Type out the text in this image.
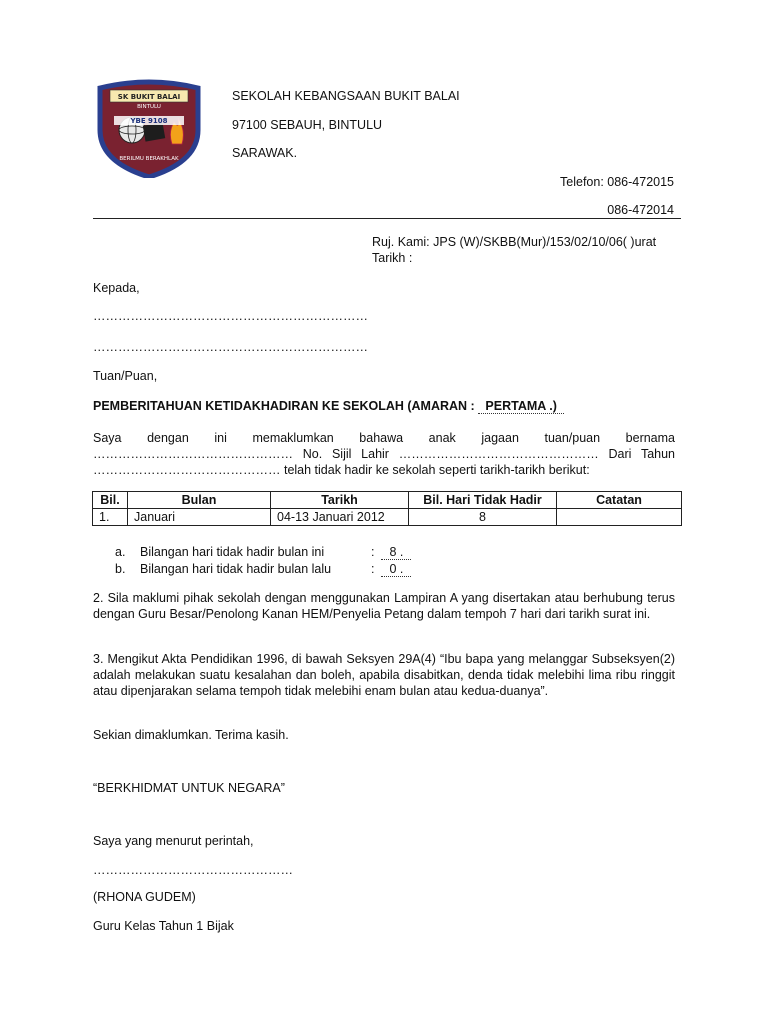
SK BUKIT BALAI
BINTULU
YBE 9108
BERILMU BERAKHLAK
SEKOLAH KEBANGSAAN BUKIT BALAI
97100 SEBAUH, BINTULU
SARAWAK.
Telefon: 086-472015
086-472014
Ruj. Kami: JPS (W)/SKBB(Mur)/153/02/10/06( )urat
Tarikh :
Kepada,
…………………………………………………………
…………………………………………………………
Tuan/Puan,
PEMBERITAHUAN KETIDAKHADIRAN KE SEKOLAH (AMARAN : PERTAMA .)
Saya dengan ini memaklumkan bahawa anak jagaan tuan/puan bernama ………………………………………… No. Sijil Lahir ………………………………………… Dari Tahun ……………………………………… telah tidak hadir ke sekolah seperti tarikh-tarikh berikut:
Bil.	Bulan	Tarikh	Bil. Hari Tidak Hadir	Catatan
1.	Januari	04-13 Januari 2012	8	
a. Bilangan hari tidak hadir bulan ini	: 8 .
b. Bilangan hari tidak hadir bulan lalu	: 0 .
2. Sila maklumi pihak sekolah dengan menggunakan Lampiran A yang disertakan atau berhubung terus dengan Guru Besar/Penolong Kanan HEM/Penyelia Petang dalam tempoh 7 hari dari tarikh surat ini.
3. Mengikut Akta Pendidikan 1996, di bawah Seksyen 29A(4) “Ibu bapa yang melanggar Subseksyen(2) adalah melakukan suatu kesalahan dan boleh, apabila disabitkan, denda tidak melebihi lima ribu ringgit atau dipenjarakan selama tempoh tidak melebihi enam bulan atau kedua-duanya”.
Sekian dimaklumkan. Terima kasih.
“BERKHIDMAT UNTUK NEGARA”
Saya yang menurut perintah,
…………………………………………
(RHONA GUDEM)
Guru Kelas Tahun 1 Bijak
